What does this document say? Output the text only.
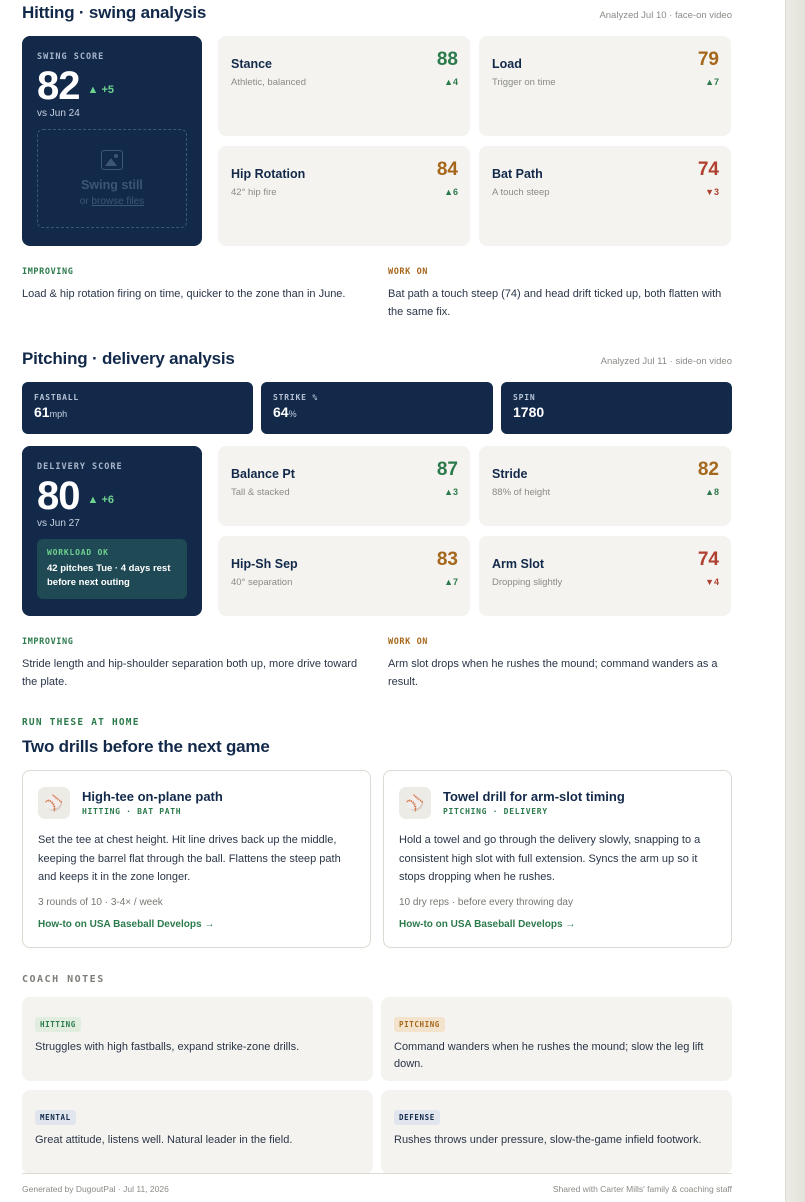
Hitting · swing analysis	Analyzed Jul 10 · face-on video
SWING SCORE
82 ▲ +5
vs Jun 24
Swing still
or browse files
Stance
Athletic, balanced
88
▲4
Load
Trigger on time
79
▲7
Hip Rotation
42° hip fire
84
▲6
Bat Path
A touch steep
74
▼3
IMPROVING
Load & hip rotation firing on time, quicker to the zone than in June.
WORK ON
Bat path a touch steep (74) and head drift ticked up, both flatten with the same fix.
Pitching · delivery analysis	Analyzed Jul 11 · side-on video
FASTBALL
61mph
STRIKE %
64%
SPIN
1780
DELIVERY SCORE
80 ▲ +6
vs Jun 27
WORKLOAD OK
42 pitches Tue · 4 days rest before next outing
Balance Pt
Tall & stacked
87
▲3
Stride
88% of height
82
▲8
Hip-Sh Sep
40° separation
83
▲7
Arm Slot
Dropping slightly
74
▼4
IMPROVING
Stride length and hip-shoulder separation both up, more drive toward the plate.
WORK ON
Arm slot drops when he rushes the mound; command wanders as a result.
RUN THESE AT HOME
Two drills before the next game
⚾	High-tee on-plane path
HITTING · BAT PATH
Set the tee at chest height. Hit line drives back up the middle, keeping the barrel flat through the ball. Flattens the steep path and keeps it in the zone longer.
3 rounds of 10 · 3-4× / week
How-to on USA Baseball Develops →
⚾	Towel drill for arm-slot timing
PITCHING · DELIVERY
Hold a towel and go through the delivery slowly, snapping to a consistent high slot with full extension. Syncs the arm up so it stops dropping when he rushes.
10 dry reps · before every throwing day
How-to on USA Baseball Develops →
COACH NOTES
HITTING
Struggles with high fastballs, expand strike-zone drills.
PITCHING
Command wanders when he rushes the mound; slow the leg lift down.
MENTAL
Great attitude, listens well. Natural leader in the field.
DEFENSE
Rushes throws under pressure, slow-the-game infield footwork.
Generated by DugoutPal · Jul 11, 2026	Shared with Carter Mills' family & coaching staff
